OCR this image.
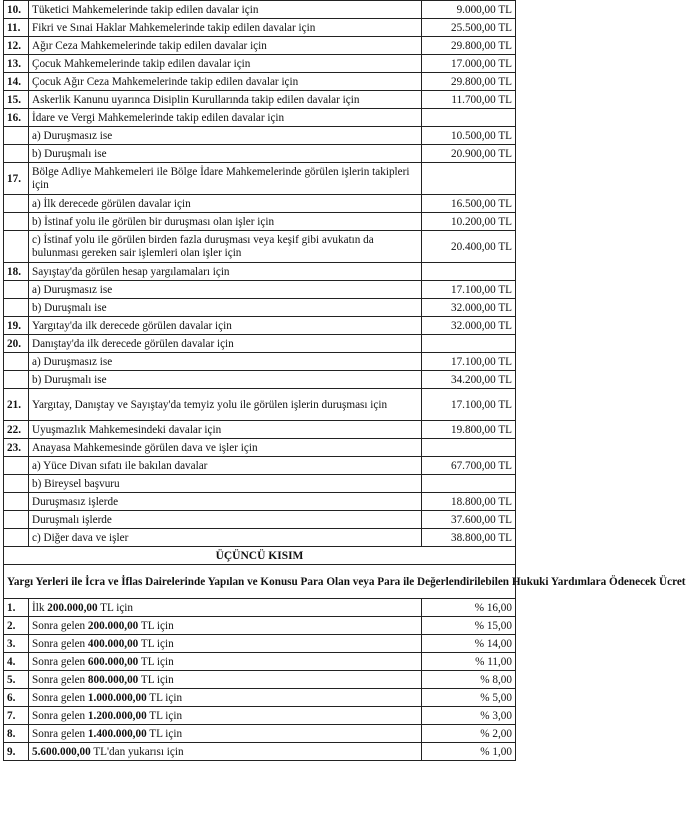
10.	Tüketici Mahkemelerinde takip edilen davalar için	9.000,00 TL
11.	Fikri ve Sınai Haklar Mahkemelerinde takip edilen davalar için	25.500,00 TL
12.	Ağır Ceza Mahkemelerinde takip edilen davalar için	29.800,00 TL
13.	Çocuk Mahkemelerinde takip edilen davalar için	17.000,00 TL
14.	Çocuk Ağır Ceza Mahkemelerinde takip edilen davalar için	29.800,00 TL
15.	Askerlik Kanunu uyarınca Disiplin Kurullarında takip edilen davalar için	11.700,00 TL
16.	İdare ve Vergi Mahkemelerinde takip edilen davalar için	
	a) Duruşmasız ise	10.500,00 TL
	b) Duruşmalı ise	20.900,00 TL
17.	Bölge Adliye Mahkemeleri ile Bölge İdare Mahkemelerinde görülen işlerin takipleri için	
	a) İlk derecede görülen davalar için	16.500,00 TL
	b) İstinaf yolu ile görülen bir duruşması olan işler için	10.200,00 TL
	c) İstinaf yolu ile görülen birden fazla duruşması veya keşif gibi avukatın da bulunması gereken sair işlemleri olan işler için	20.400,00 TL
18.	Sayıştay'da görülen hesap yargılamaları için	
	a) Duruşmasız ise	17.100,00 TL
	b) Duruşmalı ise	32.000,00 TL
19.	Yargıtay'da ilk derecede görülen davalar için	32.000,00 TL
20.	Danıştay'da ilk derecede görülen davalar için	
	a) Duruşmasız ise	17.100,00 TL
	b) Duruşmalı ise	34.200,00 TL
21.	Yargıtay, Danıştay ve Sayıştay'da temyiz yolu ile görülen işlerin duruşması için	17.100,00 TL
22.	Uyuşmazlık Mahkemesindeki davalar için	19.800,00 TL
23.	Anayasa Mahkemesinde görülen dava ve işler için	
	a) Yüce Divan sıfatı ile bakılan davalar	67.700,00 TL
	b) Bireysel başvuru	
	Duruşmasız işlerde	18.800,00 TL
	Duruşmalı işlerde	37.600,00 TL
	c) Diğer dava ve işler	38.800,00 TL
ÜÇÜNCÜ KISIM		
Yargı Yerleri ile İcra ve İflas Dairelerinde Yapılan ve Konusu Para Olan veya Para ile Değerlendirilebilen Hukuki Yardımlara Ödenecek Ücret		
1.	İlk 200.000,00 TL için	% 16,00
2.	Sonra gelen 200.000,00 TL için	% 15,00
3.	Sonra gelen 400.000,00 TL için	% 14,00
4.	Sonra gelen 600.000,00 TL için	% 11,00
5.	Sonra gelen 800.000,00 TL için	% 8,00
6.	Sonra gelen 1.000.000,00 TL için	% 5,00
7.	Sonra gelen 1.200.000,00 TL için	% 3,00
8.	Sonra gelen 1.400.000,00 TL için	% 2,00
9.	5.600.000,00 TL'dan yukarısı için	% 1,00
